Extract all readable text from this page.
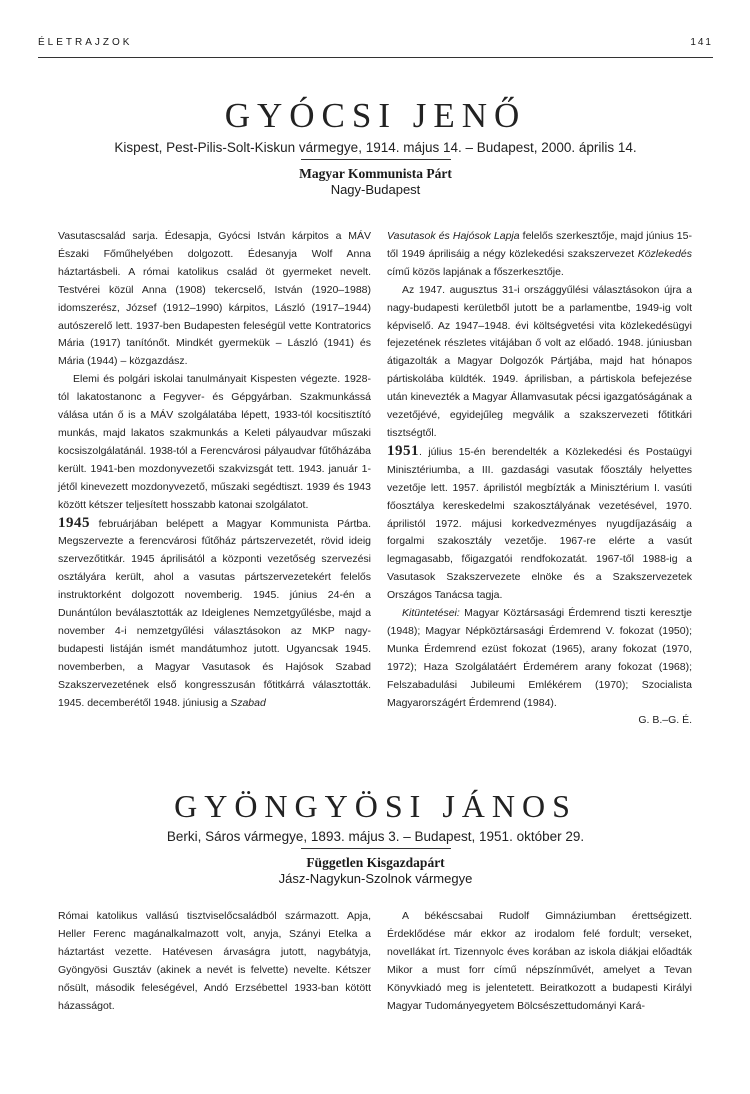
ÉLETRAJZOK	141
GYÓCSI JENŐ
Kispest, Pest-Pilis-Solt-Kiskun vármegye, 1914. május 14. – Budapest, 2000. április 14.
Magyar Kommunista Párt
Nagy-Budapest

Vasutascsalád sarja. Édesapja, Gyócsi István kárpitos a MÁV Északi Főműhelyében dolgozott. Édesanyja Wolf Anna háztartásbeli. A római katolikus család öt gyermeket nevelt. Testvérei közül Anna (1908) tekercselő, István (1920–1988) idomszerész, József (1912–1990) kárpitos, László (1917–1944) autószerelő lett. 1937-ben Budapesten feleségül vette Kontratorics Mária (1917) tanítónőt. Mindkét gyermekük – László (1941) és Mária (1944) – közgazdász.

Elemi és polgári iskolai tanulmányait Kispesten végezte. 1928-tól lakatostanonc a Fegyver- és Gépgyárban. Szakmunkássá válása után ő is a MÁV szolgálatába lépett, 1933-tól kocsitisztító munkás, majd lakatos szakmunkás a Keleti pályaudvar műszaki kocsiszolgálatánál. 1938-tól a Ferencvárosi pályaudvar fűtőházába került. 1941-ben mozdonyvezetői szakvizsgát tett. 1943. január 1-jétől kinevezett mozdonyvezető, műszaki segédtiszt. 1939 és 1943 között kétszer teljesített hosszabb katonai szolgálatot.

1945 februárjában belépett a Magyar Kommunista Pártba. Megszervezte a ferencvárosi fűtőház pártszervezetét, rövid ideig szervezőtitkár. 1945 áprilisától a központi vezetőség szervezési osztályára került, ahol a vasutas pártszervezetekért felelős instruktorként dolgozott novemberig. 1945. június 24-én a Dunántúlon beválasztották az Ideiglenes Nemzetgyűlésbe, majd a november 4-i nemzetgyűlési választásokon az MKP nagy-budapesti listáján ismét mandátumhoz jutott. Ugyancsak 1945. novemberben, a Magyar Vasutasok és Hajósok Szabad Szakszervezetének első kongresszusán főtitkárrá választották. 1945. decemberétől 1948. júniusig a Szabad

Vasutasok és Hajósok Lapja felelős szerkesztője, majd június 15-től 1949 áprilisáig a négy közlekedési szakszervezet Közlekedés című közös lapjának a főszerkesztője.

Az 1947. augusztus 31-i országgyűlési választásokon újra a nagy-budapesti kerületből jutott be a parlamentbe, 1949-ig volt képviselő. Az 1947–1948. évi költségvetési vita közlekedésügyi fejezetének részletes vitájában ő volt az előadó. 1948. júniusban átigazolták a Magyar Dolgozók Pártjába, majd hat hónapos pártiskolába küldték. 1949. áprilisban, a pártiskola befejezése után kinevezték a Magyar Államvasutak pécsi igazgatóságának a vezetőjévé, egyidejűleg megválik a szakszervezeti főtitkári tisztségtől.

1951. július 15-én berendelték a Közlekedési és Postaügyi Minisztériumba, a III. gazdasági vasutak főosztály helyettes vezetője lett. 1957. áprilistól megbízták a Minisztérium I. vasúti főosztálya kereskedelmi szakosztályának vezetésével, 1970. áprilistól 1972. májusi korkedvezményes nyugdíjazásáig a forgalmi szakosztály vezetője. 1967-re elérte a vasút legmagasabb, főigazgatói rendfokozatát. 1967-től 1988-ig a Vasutasok Szakszervezete elnöke és a Szakszervezetek Országos Tanácsa tagja.

Kitüntetései: Magyar Köztársasági Érdemrend tiszti keresztje (1948); Magyar Népköztársasági Érdemrend V. fokozat (1950); Munka Érdemrend ezüst fokozat (1965), arany fokozat (1970, 1972); Haza Szolgálatáért Érdemérem arany fokozat (1968); Felszabadulási Jubileumi Emlékérem (1970); Szocialista Magyarországért Érdemrend (1984).

G. B.–G. É.
GYÖNGYÖSI JÁNOS
Berki, Sáros vármegye, 1893. május 3. – Budapest, 1951. október 29.
Független Kisgazdapárt
Jász-Nagykun-Szolnok vármegye

Római katolikus vallású tisztviselőcsaládból származott. Apja, Heller Ferenc magánalkalmazott volt, anyja, Szányi Etelka a háztartást vezette. Hatévesen árvaságra jutott, nagybátyja, Gyöngyösi Gusztáv (akinek a nevét is felvette) nevelte. Kétszer nősült, második feleségével, Andó Erzsébettel 1933-ban kötött házasságot.

A békéscsabai Rudolf Gimnáziumban érettségizett. Érdeklődése már ekkor az irodalom felé fordult; verseket, noveIlákat írt. Tizennyolc éves korában az iskola diákjai előadták Mikor a must forr című népszínművét, amelyet a Tevan Könyvkiadó meg is jelentetett. Beiratkozott a budapesti Királyi Magyar Tudományegyetem Bölcsészettudományi Kará-
